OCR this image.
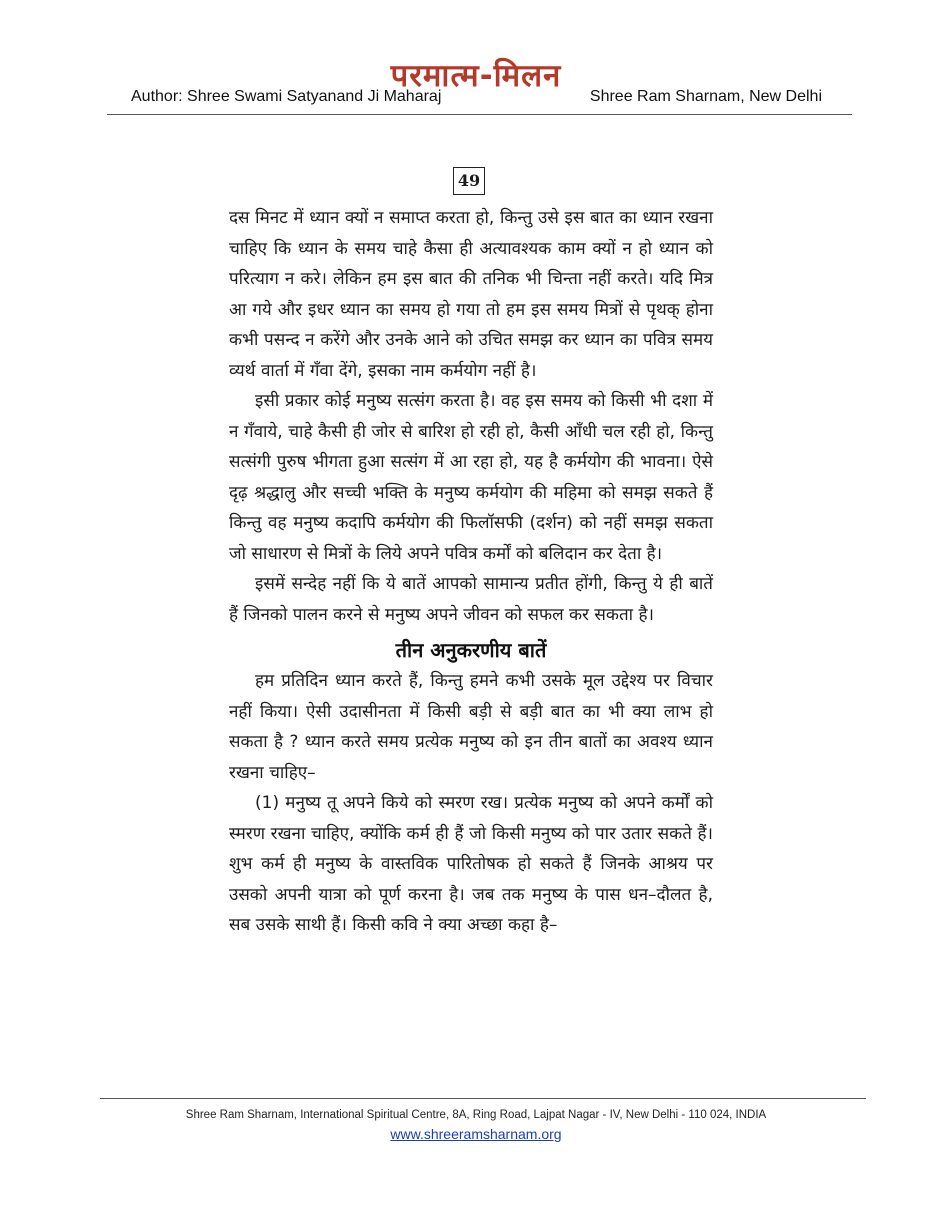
परमात्म-मिलन
Author: Shree Swami Satyanand Ji Maharaj	Shree Ram Sharnam, New Delhi
49

दस मिनट में ध्यान क्यों न समाप्त करता हो, किन्तु उसे इस बात का ध्यान रखना चाहिए कि ध्यान के समय चाहे कैसा ही अत्यावश्यक काम क्यों न हो ध्यान को परित्याग न करे। लेकिन हम इस बात की तनिक भी चिन्ता नहीं करते। यदि मित्र आ गये और इधर ध्यान का समय हो गया तो हम इस समय मित्रों से पृथक् होना कभी पसन्द न करेंगे और उनके आने को उचित समझ कर ध्यान का पवित्र समय व्यर्थ वार्ता में गँवा देंगे, इसका नाम कर्मयोग नहीं है।

इसी प्रकार कोई मनुष्य सत्संग करता है। वह इस समय को किसी भी दशा में न गँवाये, चाहे कैसी ही जोर से बारिश हो रही हो, कैसी आँधी चल रही हो, किन्तु सत्संगी पुरुष भीगता हुआ सत्संग में आ रहा हो, यह है कर्मयोग की भावना। ऐसे दृढ़ श्रद्धालु और सच्ची भक्ति के मनुष्य कर्मयोग की महिमा को समझ सकते हैं किन्तु वह मनुष्य कदापि कर्मयोग की फिलॉसफी (दर्शन) को नहीं समझ सकता जो साधारण से मित्रों के लिये अपने पवित्र कर्मों को बलिदान कर देता है।

इसमें सन्देह नहीं कि ये बातें आपको सामान्य प्रतीत होंगी, किन्तु ये ही बातें हैं जिनको पालन करने से मनुष्य अपने जीवन को सफल कर सकता है।

तीन अनुकरणीय बातें

हम प्रतिदिन ध्यान करते हैं, किन्तु हमने कभी उसके मूल उद्देश्य पर विचार नहीं किया। ऐसी उदासीनता में किसी बड़ी से बड़ी बात का भी क्या लाभ हो सकता है ? ध्यान करते समय प्रत्येक मनुष्य को इन तीन बातों का अवश्य ध्यान रखना चाहिए–

(1) मनुष्य तू अपने किये को स्मरण रख। प्रत्येक मनुष्य को अपने कर्मों को स्मरण रखना चाहिए, क्योंकि कर्म ही हैं जो किसी मनुष्य को पार उतार सकते हैं। शुभ कर्म ही मनुष्य के वास्तविक पारितोषक हो सकते हैं जिनके आश्रय पर उसको अपनी यात्रा को पूर्ण करना है। जब तक मनुष्य के पास धन–दौलत है, सब उसके साथी हैं। किसी कवि ने क्या अच्छा कहा है–

Shree Ram Sharnam, International Spiritual Centre, 8A, Ring Road, Lajpat Nagar - IV, New Delhi - 110 024, INDIA
www.shreeramsharnam.org
